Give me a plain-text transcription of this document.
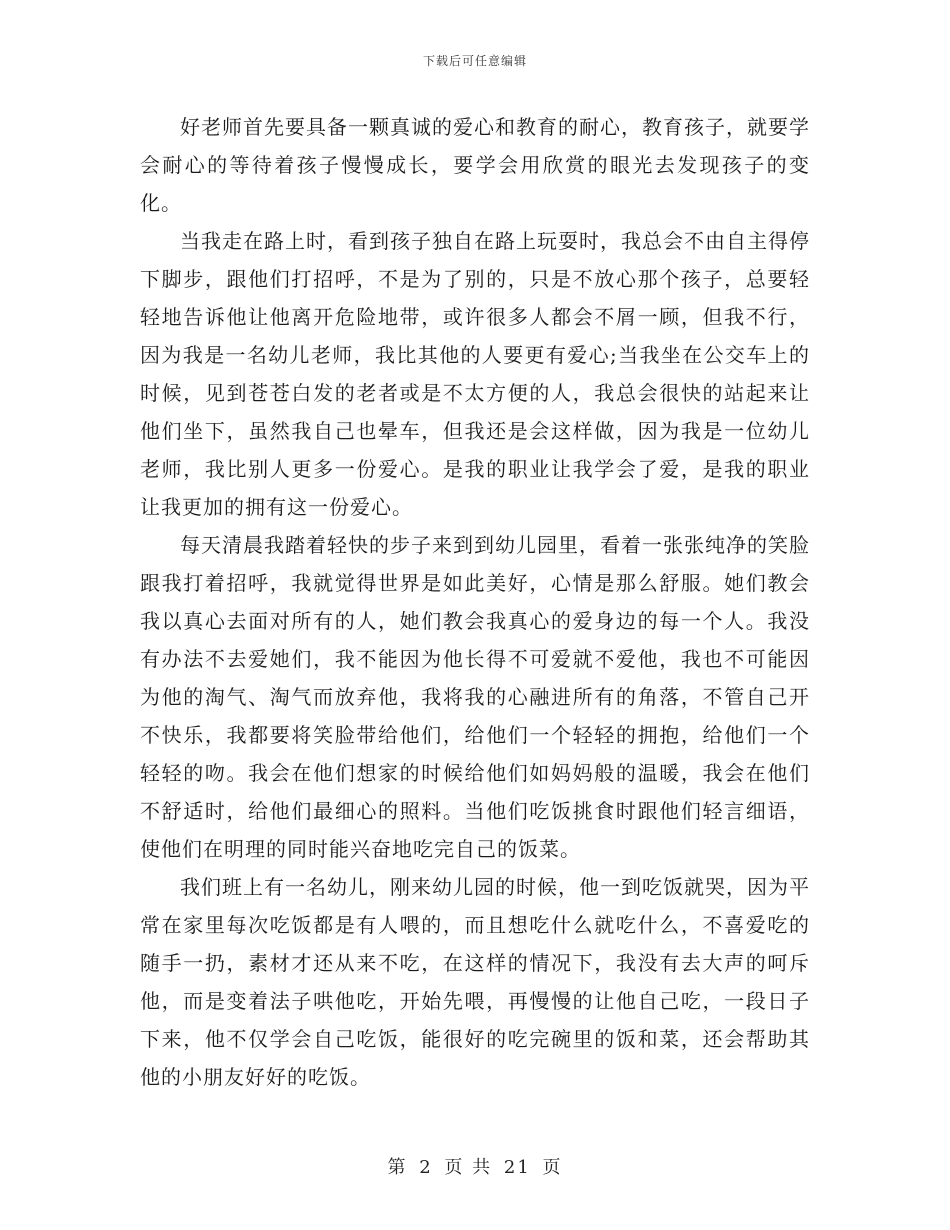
下载后可任意编辑

好老师首先要具备一颗真诚的爱心和教育的耐心，教育孩子，就要学会耐心的等待着孩子慢慢成长，要学会用欣赏的眼光去发现孩子的变化。

当我走在路上时，看到孩子独自在路上玩耍时，我总会不由自主得停下脚步，跟他们打招呼，不是为了别的，只是不放心那个孩子，总要轻轻地告诉他让他离开危险地带，或许很多人都会不屑一顾，但我不行，因为我是一名幼儿老师，我比其他的人要更有爱心;当我坐在公交车上的时候，见到苍苍白发的老者或是不太方便的人，我总会很快的站起来让他们坐下，虽然我自己也晕车，但我还是会这样做，因为我是一位幼儿老师，我比别人更多一份爱心。是我的职业让我学会了爱，是我的职业让我更加的拥有这一份爱心。

每天清晨我踏着轻快的步子来到到幼儿园里，看着一张张纯净的笑脸跟我打着招呼，我就觉得世界是如此美好，心情是那么舒服。她们教会我以真心去面对所有的人，她们教会我真心的爱身边的每一个人。我没有办法不去爱她们，我不能因为他长得不可爱就不爱他，我也不可能因为他的淘气、淘气而放弃他，我将我的心融进所有的角落，不管自己开不快乐，我都要将笑脸带给他们，给他们一个轻轻的拥抱，给他们一个轻轻的吻。我会在他们想家的时候给他们如妈妈般的温暖，我会在他们不舒适时，给他们最细心的照料。当他们吃饭挑食时跟他们轻言细语，使他们在明理的同时能兴奋地吃完自己的饭菜。

我们班上有一名幼儿，刚来幼儿园的时候，他一到吃饭就哭，因为平常在家里每次吃饭都是有人喂的，而且想吃什么就吃什么，不喜爱吃的随手一扔，素材才还从来不吃，在这样的情况下，我没有去大声的呵斥他，而是变着法子哄他吃，开始先喂，再慢慢的让他自己吃，一段日子下来，他不仅学会自己吃饭，能很好的吃完碗里的饭和菜，还会帮助其他的小朋友好好的吃饭。

第 2 页 共 21 页
